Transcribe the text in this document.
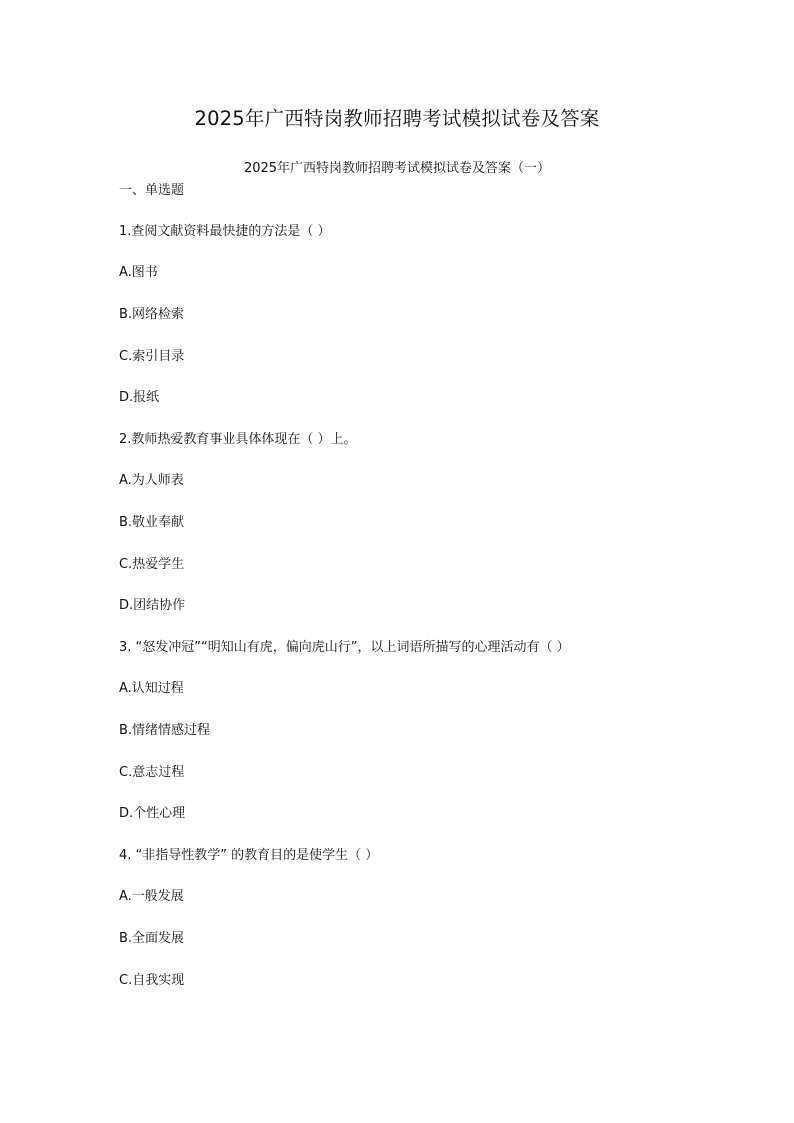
2025年广西特岗教师招聘考试模拟试卷及答案
2025年广西特岗教师招聘考试模拟试卷及答案（一）
一、单选题
1.查阅文献资料最快捷的方法是（ ）
A.图书
B.网络检索
C.索引目录
D.报纸
2.教师热爱教育事业具体体现在（ ）上。
A.为人师表
B.敬业奉献
C.热爱学生
D.团结协作
3. “怒发冲冠”“明知山有虎，偏向虎山行”，以上词语所描写的心理活动有（ ）
A.认知过程
B.情绪情感过程
C.意志过程
D.个性心理
4. “非指导性教学” 的教育目的是使学生（ ）
A.一般发展
B.全面发展
C.自我实现
